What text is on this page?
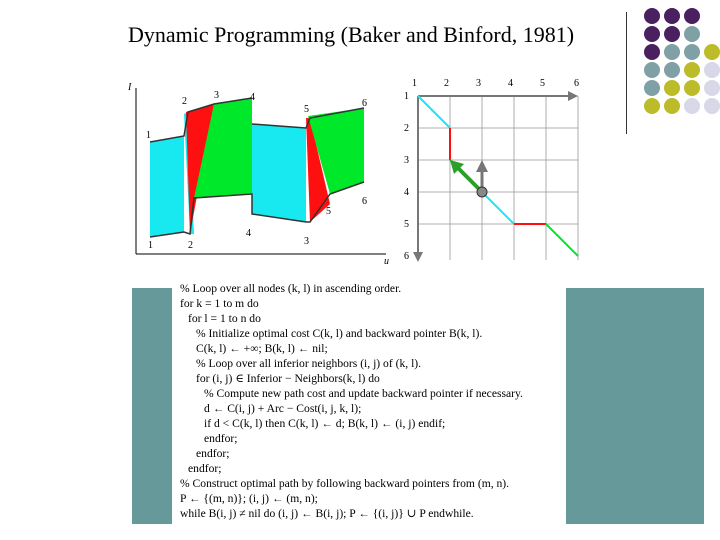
Dynamic Programming (Baker and Binford, 1981)
I
u
1
2
3	4
5
6
1	2
4
3
5
6
1	2	3	4	5	6
1
2
3
4
5
6
% Loop over all nodes (k, l) in ascending order.
for k = 1 to m do
for l = 1 to n do
% Initialize optimal cost C(k, l) and backward pointer B(k, l).
C(k, l) ← +∞; B(k, l) ← nil;
% Loop over all inferior neighbors (i, j) of (k, l).
for (i, j) ∈ Inferior − Neighbors(k, l) do
% Compute new path cost and update backward pointer if necessary.
d ← C(i, j) + Arc − Cost(i, j, k, l);
if d < C(k, l) then C(k, l) ← d; B(k, l) ← (i, j) endif;
endfor;
endfor;
endfor;
% Construct optimal path by following backward pointers from (m, n).
P ← {(m, n)}; (i, j) ← (m, n);
while B(i, j) ≠ nil do (i, j) ← B(i, j); P ← {(i, j)} ∪ P endwhile.
